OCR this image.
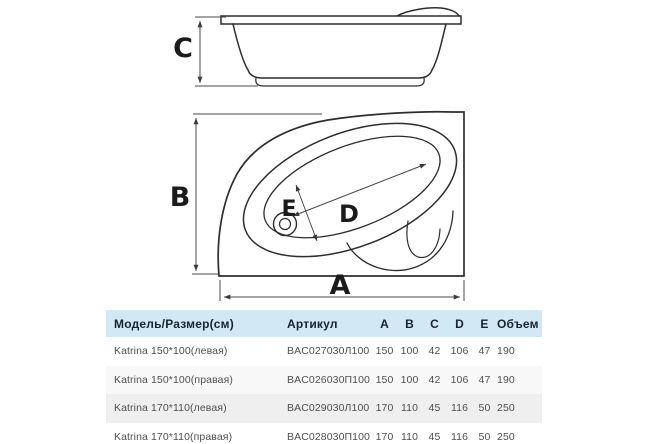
C
B
A
D
E
Модель/Размер(см)	Артикул	A	B	C	D	E Объем
Katrina 150*100(левая)	BAC027030Л100 150 100 42 106 47 190
Katrina 150*100(правая)	BAC026030П100 150 100 42 106 47 190
Katrina 170*110(левая)	BAC029030Л100 170 110	45	116	50 250
Katrina 170*110(правая)	BAC028030П100 170 110	45	116	50 250
